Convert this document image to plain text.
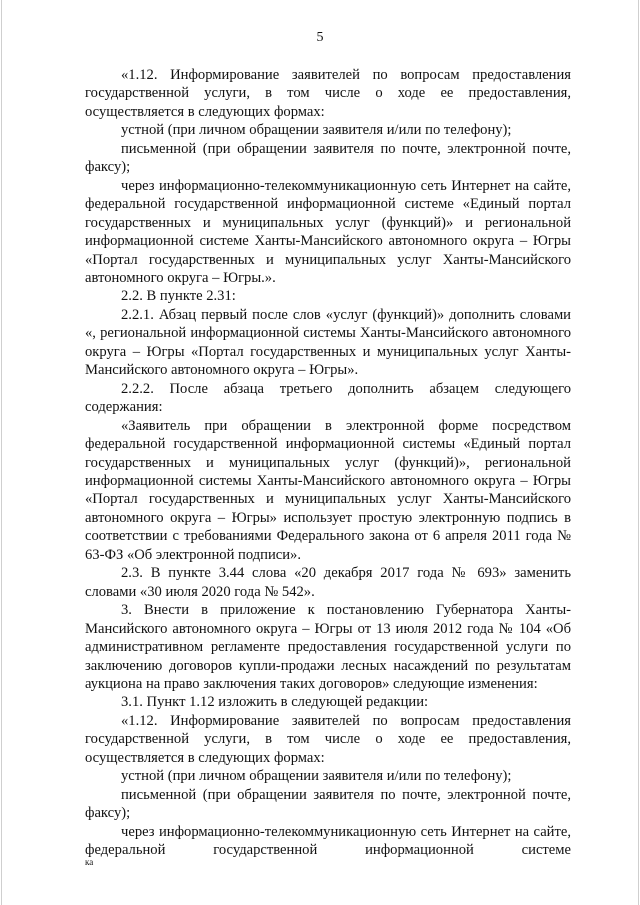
5

«1.12. Информирование заявителей по вопросам предоставления государственной услуги, в том числе о ходе ее предоставления, осуществляется в следующих формах:

устной (при личном обращении заявителя и/или по телефону);

письменной (при обращении заявителя по почте, электронной почте, факсу);

через информационно-телекоммуникационную сеть Интернет на сайте, федеральной государственной информационной системе «Единый портал государственных и муниципальных услуг (функций)» и региональной информационной системе Ханты-Мансийского автономного округа – Югры «Портал государственных и муниципальных услуг Ханты-Мансийского автономного округа – Югры.».

2.2. В пункте 2.31:

2.2.1. Абзац первый после слов «услуг (функций)» дополнить словами «, региональной информационной системы Ханты-Мансийского автономного округа – Югры «Портал государственных и муниципальных услуг Ханты-Мансийского автономного округа – Югры».

2.2.2. После абзаца третьего дополнить абзацем следующего содержания:

«Заявитель при обращении в электронной форме посредством федеральной государственной информационной системы «Единый портал государственных и муниципальных услуг (функций)», региональной информационной системы Ханты-Мансийского автономного округа – Югры «Портал государственных и муниципальных услуг Ханты-Мансийского автономного округа – Югры» использует простую электронную подпись в соответствии с требованиями Федерального закона от 6 апреля 2011 года № 63-ФЗ «Об электронной подписи».

2.3. В пункте 3.44 слова «20 декабря 2017 года № 693» заменить словами «30 июля 2020 года № 542».

3. Внести в приложение к постановлению Губернатора Ханты-Мансийского автономного округа – Югры от 13 июля 2012 года № 104 «Об административном регламенте предоставления государственной услуги по заключению договоров купли-продажи лесных насаждений по результатам аукциона на право заключения таких договоров» следующие изменения:

3.1. Пункт 1.12 изложить в следующей редакции:

«1.12. Информирование заявителей по вопросам предоставления государственной услуги, в том числе о ходе ее предоставления, осуществляется в следующих формах:

устной (при личном обращении заявителя и/или по телефону);

письменной (при обращении заявителя по почте, электронной почте, факсу);

через информационно-телекоммуникационную сеть Интернет на сайте, федеральной государственной информационной системе

ка
